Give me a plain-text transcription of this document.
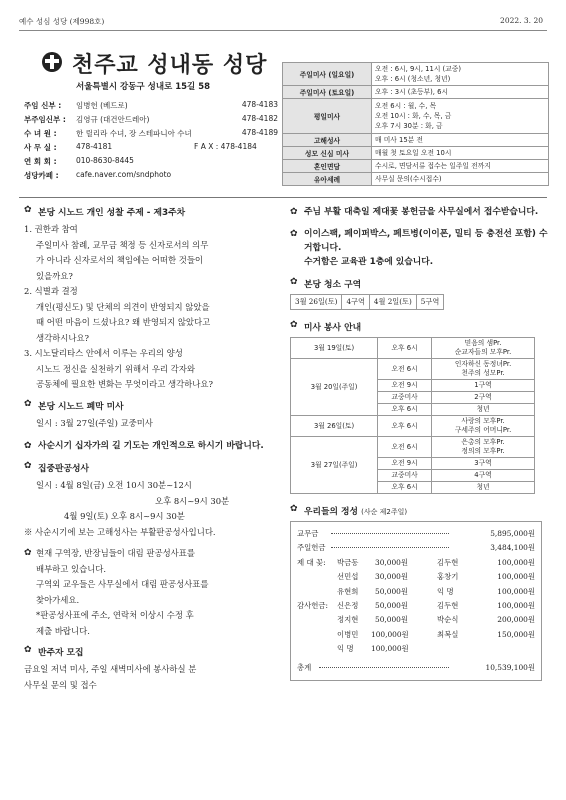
예수 성심 성당 (제998호)	2022. 3. 20
천주교 성내동 성당
서울특별시 강동구 성내로 15길 58
주임 신부 : 임병헌 (베드로)	478-4183
부주임신부 : 김영규 (대건안드레아)	478-4182
수 녀 원 :	한 릴리라 수녀, 장 스테파니아 수녀	478-4189
사 무 실 :	478-4181	F A X : 478-4184
연 회 회 :	010-8630-8445
성당카페 : cafe.naver.com/sndphoto
주일미사 (일요일)	오전 : 6시, 9시, 11시 (교중)
오후 : 6시 (청소년, 청년)

주일미사 (토요일)	오후 : 3시 (초등부), 6시

평일미사	오전 6시 : 월, 수, 목
오전 10시 : 화, 수, 목, 금
오후 7시 30분 : 화, 금

고해성사	매 미사 15분 전

성모 신심 미사	매월 첫 토요일 오전 10시

혼인면담	수시로, 면담서류 접수는 일주일 전까지

유아세례	사무실 문의(수시접수)
✿ 본당 시노드 개인 성찰 주제 - 제3주차
1. 권한과 참여
주일미사 참례, 교무금 책정 등 신자로서의 의무
가 아니라 신자로서의 책임에는 어떠한 것들이
있을까요?
2. 식별과 결정
개인(평신도) 및 단체의 의견이 반영되지 않았을
때 어떤 마음이 드셨나요? 왜 반영되지 않았다고
생각하시나요?
3. 시노달리타스 안에서 이루는 우리의 양성
시노드 정신을 실천하기 위해서 우리 각자와
공동체에 필요한 변화는 무엇이라고 생각하나요?
✿ 본당 시노드 폐막 미사
일시 : 3월 27일(주일) 교중미사
✿ 사순시기 십자가의 길 기도는 개인적으로 하시기 바랍니다.
✿ 집중판공성사
일시 : 4월 8일(금) 오전 10시 30분~12시
오후 8시~9시 30분
4월 9일(토) 오후 8시~9시 30분
※ 사순시기에 보는 고해성사는 부활판공성사입니다.
✿ 현재 구역장, 반장님들이 대림 판공성사표를
배부하고 있습니다.
구역외 교우들은 사무실에서 대림 판공성사표를
찾아가세요.
*판공성사표에 주소, 연락처 이상시 수정 후
제출 바랍니다.
✿ 반주자 모집
금요일 저녁 미사, 주일 새벽미사에 봉사하실 분
사무실 문의 및 접수
✿ 주님 부활 대축일 제대꽃 봉헌금을 사무실에서 접수받습니다.
✿ 이이스팩, 페이퍼박스, 페트병(이이폰, 밀티 등 충전선 포함) 수거합니다.
수거함은 교육관 1층에 있습니다.
✿ 본당 청소 구역
3월 26일(토)	4구역	4월 2일(토)	5구역
✿ 미사 봉사 안내
3월 19일(토)	오후 6시	믿음의 샘Pr.
순교자들의 모후Pr.

3월 20일(주일)	오전 6시	인자하신 동정녀Pr.
천주의 성모Pr.

	오전 9시	1구역
	교중미사	2구역
	오후 6시	청년
3월 26일(토)	오후 6시	사랑의 모후Pr.
구세주의 어머니Pr.

3월 27일(주일)	오전 6시	은총의 모후Pr.
정의의 모후Pr.

	오전 9시	3구역
	교중미사	4구역
	오후 6시	청년
✿ 우리들의 정성 (사순 제2주일)
교무금	5,895,000원
주일헌금	3,484,100원
제 대 꽃: 박금동 30,000원	김두현	100,000원
선민섭 30,000원	홍창기	100,000원
유현희 50,000원	익 명	100,000원
감사헌금: 신은정 50,000원	김두현	100,000원
정지현 50,000원	박순식	200,000원
이병민 100,000원	최복실	150,000원
익 명 100,000원
총계	10,539,100원
